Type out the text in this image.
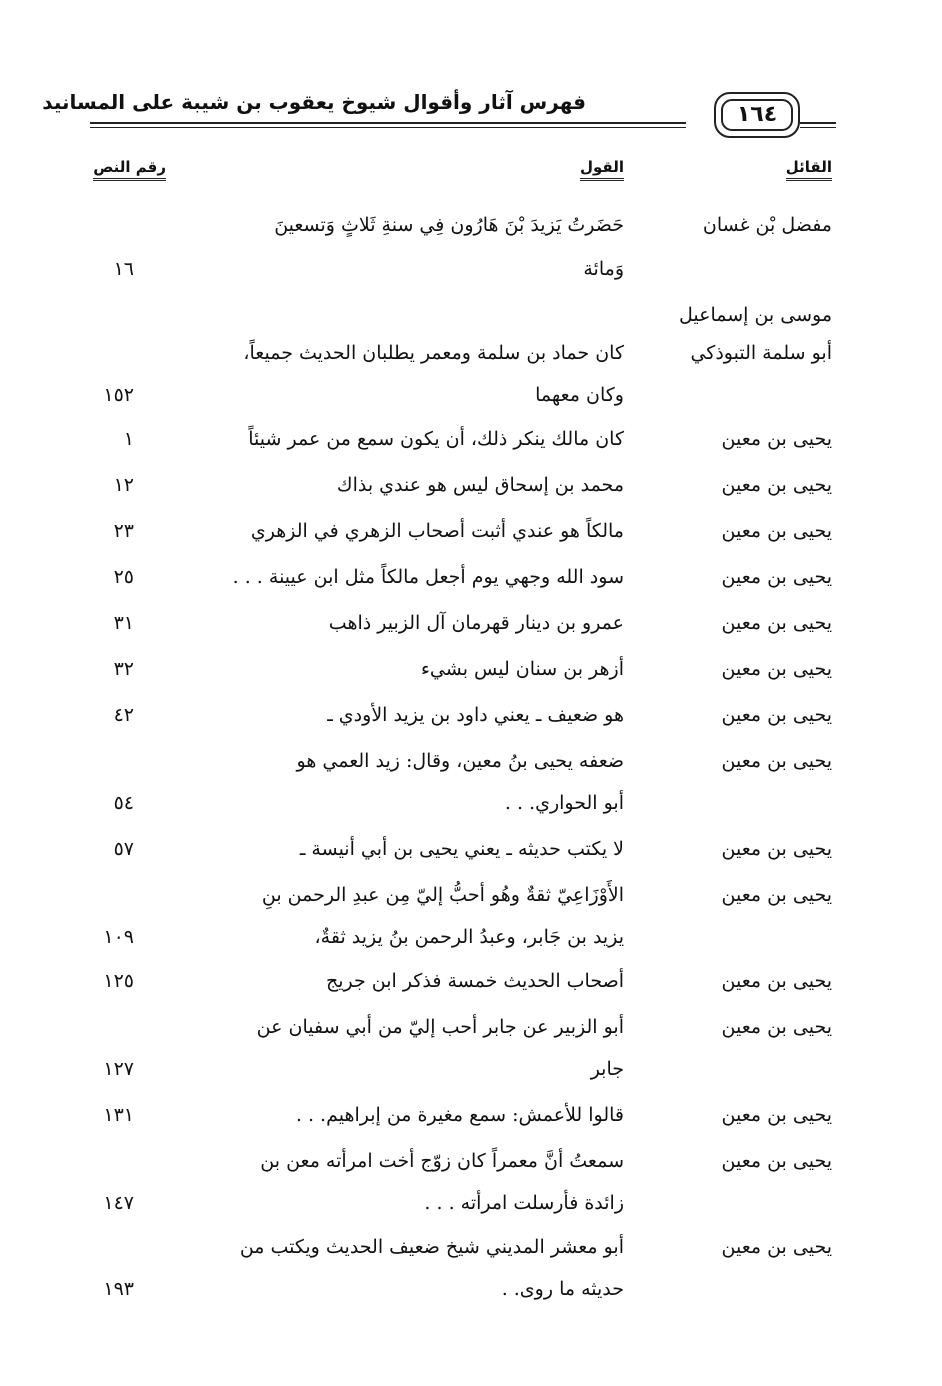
فهرس آثار وأقوال شيوخ يعقوب بن شيبة على المسانيد	١٦٤
القائل
القول
رقم النص
مفضل بْن غسان
حَضَرتُ يَزيدَ بْنَ هَارُون فِي سنةِ ثَلاثٍ وَتسعينَ
وَمائة
١٦
موسى بن إسماعيل
أبو سلمة التبوذكي
كان حماد بن سلمة ومعمر يطلبان الحديث جميعاً،
وكان معهما
١٥٢
يحيى بن معين
كان مالك ينكر ذلك، أن يكون سمع من عمر شيئاً
١
يحيى بن معين
محمد بن إسحاق ليس هو عندي بذاك
١٢
يحيى بن معين
مالكاً هو عندي أثبت أصحاب الزهري في الزهري
٢٣
يحيى بن معين
سود الله وجهي يوم أجعل مالكاً مثل ابن عيينة . . .
٢٥
يحيى بن معين
عمرو بن دينار قهرمان آل الزبير ذاهب
٣١
يحيى بن معين
أزهر بن سنان ليس بشيء
٣٢
يحيى بن معين
هو ضعيف ـ يعني داود بن يزيد الأودي ـ
٤٢
يحيى بن معين
ضعفه يحيى بنُ معين، وقال: زيد العمي هو
أبو الحواري. . .
٥٤
يحيى بن معين
لا يكتب حديثه ـ يعني يحيى بن أبي أنيسة ـ
٥٧
يحيى بن معين
الأَوْزَاعِيّ ثقةٌ وهُو أحبُّ إليّ مِن عبدِ الرحمن بنِ
يزيد بن جَابر، وعبدُ الرحمن بنُ يزيد ثقةٌ،
١٠٩
يحيى بن معين
أصحاب الحديث خمسة فذكر ابن جريج
١٢٥
يحيى بن معين
أبو الزبير عن جابر أحب إليّ من أبي سفيان عن
جابر
١٢٧
يحيى بن معين
قالوا للأعمش: سمع مغيرة من إبراهيم. . .
١٣١
يحيى بن معين
سمعتُ أنَّ معمراً كان زوّج أخت امرأته معن بن
زائدة فأرسلت امرأته . . .
١٤٧
يحيى بن معين
أبو معشر المديني شيخ ضعيف الحديث ويكتب من
حديثه ما روى. .
١٩٣
